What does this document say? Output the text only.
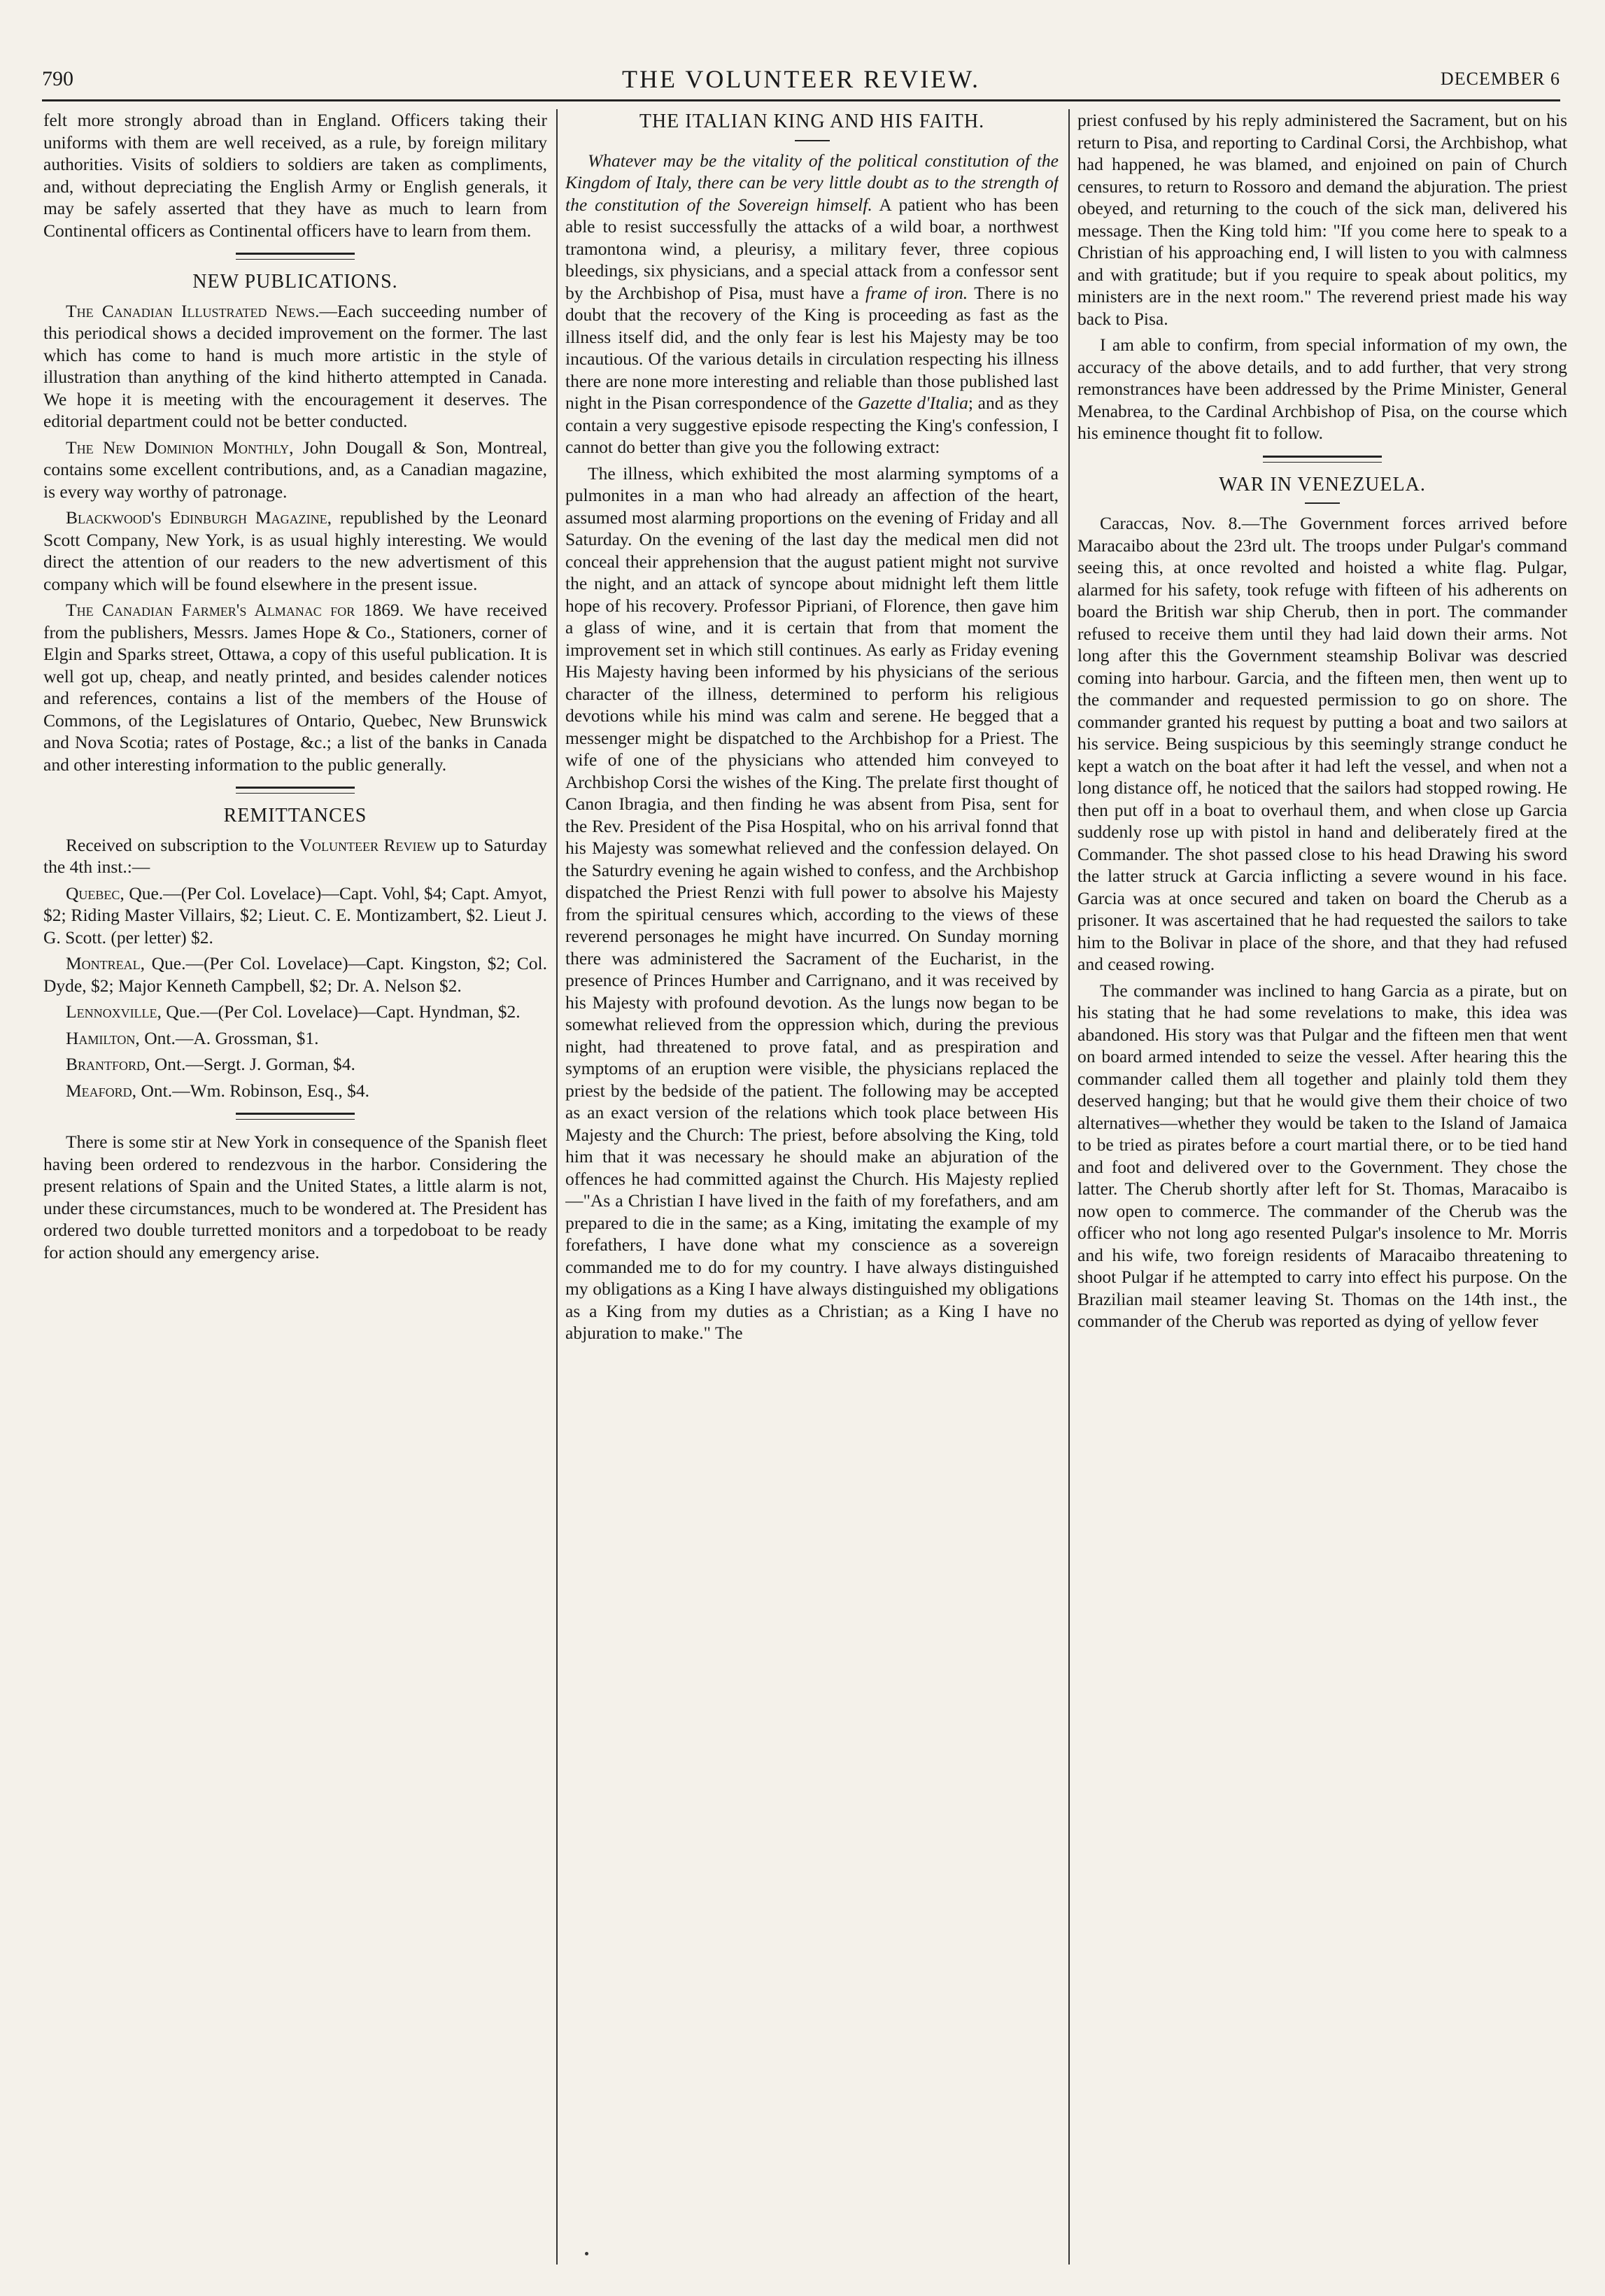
790	THE VOLUNTEER REVIEW.	DECEMBER 6

felt more strongly abroad than in England. Officers taking their uniforms with them are well received, as a rule, by foreign military authorities. Visits of soldiers to soldiers are taken as compliments, and, without depreciating the English Army or English generals, it may be safely asserted that they have as much to learn from Continental officers as Continental officers have to learn from them.

NEW PUBLICATIONS.

The Canadian Illustrated News.—Each succeeding number of this periodical shows a decided improvement on the former. The last which has come to hand is much more artistic in the style of illustration than anything of the kind hitherto attempted in Canada. We hope it is meeting with the encouragement it deserves. The editorial department could not be better conducted.

The New Dominion Monthly, John Dougall & Son, Montreal, contains some excellent contributions, and, as a Canadian magazine, is every way worthy of patronage.

Blackwood's Edinburgh Magazine, republished by the Leonard Scott Company, New York, is as usual highly interesting. We would direct the attention of our readers to the new advertisment of this company which will be found elsewhere in the present issue.

The Canadian Farmer's Almanac for 1869. We have received from the publishers, Messrs. James Hope & Co., Stationers, corner of Elgin and Sparks street, Ottawa, a copy of this useful publication. It is well got up, cheap, and neatly printed, and besides calender notices and references, contains a list of the members of the House of Commons, of the Legislatures of Ontario, Quebec, New Brunswick and Nova Scotia; rates of Postage, &c.; a list of the banks in Canada and other interesting information to the public generally.

REMITTANCES

Received on subscription to the Volunteer Review up to Saturday the 4th inst.:—

Quebec, Que.—(Per Col. Lovelace)—Capt. Vohl, $4; Capt. Amyot, $2; Riding Master Villairs, $2; Lieut. C. E. Montizambert, $2. Lieut J. G. Scott. (per letter) $2.

Montreal, Que.—(Per Col. Lovelace)—Capt. Kingston, $2; Col. Dyde, $2; Major Kenneth Campbell, $2; Dr. A. Nelson $2.

Lennoxville, Que.—(Per Col. Lovelace)—Capt. Hyndman, $2.

Hamilton, Ont.—A. Grossman, $1.

Brantford, Ont.—Sergt. J. Gorman, $4.

Meaford, Ont.—Wm. Robinson, Esq., $4.

There is some stir at New York in consequence of the Spanish fleet having been ordered to rendezvous in the harbor. Considering the present relations of Spain and the United States, a little alarm is not, under these circumstances, much to be wondered at. The President has ordered two double turretted monitors and a torpedoboat to be ready for action should any emergency arise.

THE ITALIAN KING AND HIS FAITH.

Whatever may be the vitality of the political constitution of the Kingdom of Italy, there can be very little doubt as to the strength of the constitution of the Sovereign himself. A patient who has been able to resist successfully the attacks of a wild boar, a northwest tramontona wind, a pleurisy, a military fever, three copious bleedings, six physicians, and a special attack from a confessor sent by the Archbishop of Pisa, must have a frame of iron. There is no doubt that the recovery of the King is proceeding as fast as the illness itself did, and the only fear is lest his Majesty may be too incautious. Of the various details in circulation respecting his illness there are none more interesting and reliable than those published last night in the Pisan correspondence of the Gazette d'Italia; and as they contain a very suggestive episode respecting the King's confession, I cannot do better than give you the following extract:

The illness, which exhibited the most alarming symptoms of a pulmonites in a man who had already an affection of the heart, assumed most alarming proportions on the evening of Friday and all Saturday. On the evening of the last day the medical men did not conceal their apprehension that the august patient might not survive the night, and an attack of syncope about midnight left them little hope of his recovery. Professor Pipriani, of Florence, then gave him a glass of wine, and it is certain that from that moment the improvement set in which still continues. As early as Friday evening His Majesty having been informed by his physicians of the serious character of the illness, determined to perform his religious devotions while his mind was calm and serene. He begged that a messenger might be dispatched to the Archbishop for a Priest. The wife of one of the physicians who attended him conveyed to Archbishop Corsi the wishes of the King. The prelate first thought of Canon Ibragia, and then finding he was absent from Pisa, sent for the Rev. President of the Pisa Hospital, who on his arrival fonnd that his Majesty was somewhat relieved and the confession delayed. On the Saturdry evening he again wished to confess, and the Archbishop dispatched the Priest Renzi with full power to absolve his Majesty from the spiritual censures which, according to the views of these reverend personages he might have incurred. On Sunday morning there was administered the Sacrament of the Eucharist, in the presence of Princes Humber and Carrignano, and it was received by his Majesty with profound devotion. As the lungs now began to be somewhat relieved from the oppression which, during the previous night, had threatened to prove fatal, and as prespiration and symptoms of an eruption were visible, the physicians replaced the priest by the bedside of the patient. The following may be accepted as an exact version of the relations which took place between His Majesty and the Church: The priest, before absolving the King, told him that it was necessary he should make an abjuration of the offences he had committed against the Church. His Majesty replied—"As a Christian I have lived in the faith of my forefathers, and am prepared to die in the same; as a King, imitating the example of my forefathers, I have done what my conscience as a sovereign commanded me to do for my country. I have always distinguished my obligations as a King I have always distinguished my obligations as a King from my duties as a Christian; as a King I have no abjuration to make." The

priest confused by his reply administered the Sacrament, but on his return to Pisa, and reporting to Cardinal Corsi, the Archbishop, what had happened, he was blamed, and enjoined on pain of Church censures, to return to Rossoro and demand the abjuration. The priest obeyed, and returning to the couch of the sick man, delivered his message. Then the King told him: "If you come here to speak to a Christian of his approaching end, I will listen to you with calmness and with gratitude; but if you require to speak about politics, my ministers are in the next room." The reverend priest made his way back to Pisa.

I am able to confirm, from special information of my own, the accuracy of the above details, and to add further, that very strong remonstrances have been addressed by the Prime Minister, General Menabrea, to the Cardinal Archbishop of Pisa, on the course which his eminence thought fit to follow.

WAR IN VENEZUELA.

Caraccas, Nov. 8.—The Government forces arrived before Maracaibo about the 23rd ult. The troops under Pulgar's command seeing this, at once revolted and hoisted a white flag. Pulgar, alarmed for his safety, took refuge with fifteen of his adherents on board the British war ship Cherub, then in port. The commander refused to receive them until they had laid down their arms. Not long after this the Government steamship Bolivar was descried coming into harbour. Garcia, and the fifteen men, then went up to the commander and requested permission to go on shore. The commander granted his request by putting a boat and two sailors at his service. Being suspicious by this seemingly strange conduct he kept a watch on the boat after it had left the vessel, and when not a long distance off, he noticed that the sailors had stopped rowing. He then put off in a boat to overhaul them, and when close up Garcia suddenly rose up with pistol in hand and deliberately fired at the Commander. The shot passed close to his head Drawing his sword the latter struck at Garcia inflicting a severe wound in his face. Garcia was at once secured and taken on board the Cherub as a prisoner. It was ascertained that he had requested the sailors to take him to the Bolivar in place of the shore, and that they had refused and ceased rowing.

The commander was inclined to hang Garcia as a pirate, but on his stating that he had some revelations to make, this idea was abandoned. His story was that Pulgar and the fifteen men that went on board armed intended to seize the vessel. After hearing this the commander called them all together and plainly told them they deserved hanging; but that he would give them their choice of two alternatives—whether they would be taken to the Island of Jamaica to be tried as pirates before a court martial there, or to be tied hand and foot and delivered over to the Government. They chose the latter. The Cherub shortly after left for St. Thomas, Maracaibo is now open to commerce. The commander of the Cherub was the officer who not long ago resented Pulgar's insolence to Mr. Morris and his wife, two foreign residents of Maracaibo threatening to shoot Pulgar if he attempted to carry into effect his purpose. On the Brazilian mail steamer leaving St. Thomas on the 14th inst., the commander of the Cherub was reported as dying of yellow fever
